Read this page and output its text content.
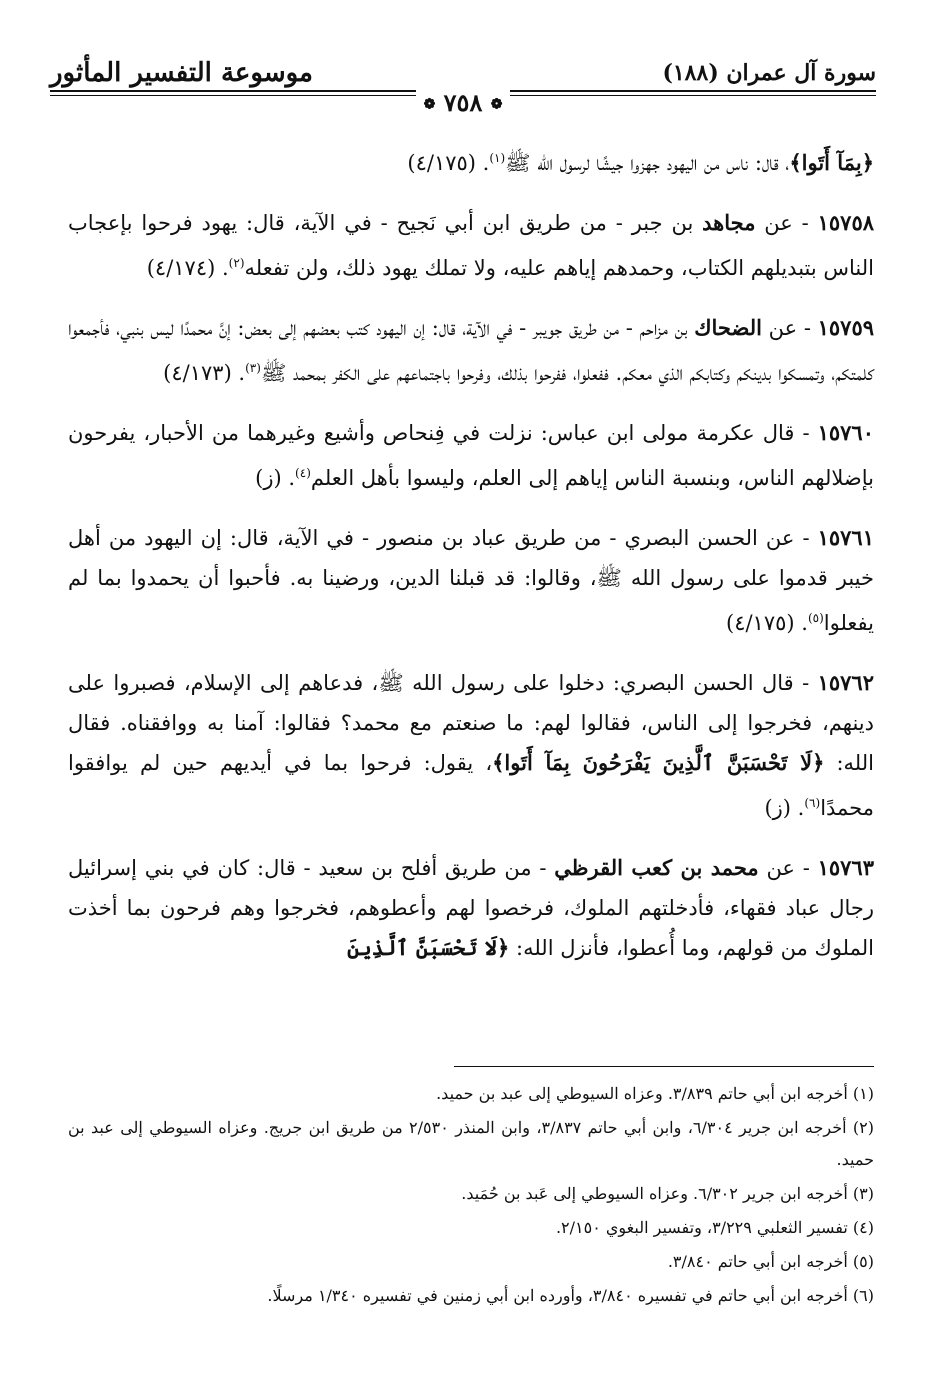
سورة آل عمران (١٨٨)
موسوعة التفسير المأثور
❁ ٧٥٨ ❁

﴿بِمَآ أَتَوا﴾، قال: ناس من اليهود جهزوا جيشًا لرسول الله ﷺ$^{(١)}$. (٤/١٧٥)

١٥٧٥٨ - عن مجاهد بن جبر - من طريق ابن أبي نَجيح - في الآية، قال: يهود فرحوا بإعجاب الناس بتبديلهم الكتاب، وحمدهم إياهم عليه، ولا تملك يهود ذلك، ولن تفعله$^{(٢)}$. (٤/١٧٤)

١٥٧٥٩ - عن الضحاك بن مزاحم - من طريق جويبر - في الآية، قال: إن اليهود كتب بعضهم إلى بعض: إنَّ محمدًا ليس بنبي، فأجمعوا كلمتكم، وتمسكوا بدينكم وكتابكم الذي معكم. ففعلوا، ففرحوا بذلك، وفرحوا باجتماعهم على الكفر بمحمد ﷺ$^{(٣)}$. (٤/١٧٣)

١٥٧٦٠ - قال عكرمة مولى ابن عباس: نزلت في فِنحاص وأشيع وغيرهما من الأحبار، يفرحون بإضلالهم الناس، وبنسبة الناس إياهم إلى العلم، وليسوا بأهل العلم$^{(٤)}$. (ز)

١٥٧٦١ - عن الحسن البصري - من طريق عباد بن منصور - في الآية، قال: إن اليهود من أهل خيبر قدموا على رسول الله ﷺ، وقالوا: قد قبلنا الدين، ورضينا به. فأحبوا أن يحمدوا بما لم يفعلوا$^{(٥)}$. (٤/١٧٥)

١٥٧٦٢ - قال الحسن البصري: دخلوا على رسول الله ﷺ، فدعاهم إلى الإسلام، فصبروا على دينهم، فخرجوا إلى الناس، فقالوا لهم: ما صنعتم مع محمد؟ فقالوا: آمنا به ووافقناه. فقال الله: ﴿لَا تَحْسَبَنَّ ٱلَّذِينَ يَفْرَحُونَ بِمَآ أَتَوا﴾، يقول: فرحوا بما في أيديهم حين لم يوافقوا محمدًا$^{(٦)}$. (ز)

١٥٧٦٣ - عن محمد بن كعب القرظي - من طريق أفلح بن سعيد - قال: كان في بني إسرائيل رجال عباد فقهاء، فأدخلتهم الملوك، فرخصوا لهم وأعطوهم، فخرجوا وهم فرحون بما أخذت الملوك من قولهم، وما أُعطوا، فأنزل الله: ﴿لَا تَحْسَبَنَّ ٱلَّذِينَ

(١) أخرجه ابن أبي حاتم ٣/٨٣٩. وعزاه السيوطي إلى عبد بن حميد.

(٢) أخرجه ابن جرير ٦/٣٠٤، وابن أبي حاتم ٣/٨٣٧، وابن المنذر ٢/٥٣٠ من طريق ابن جريج. وعزاه السيوطي إلى عبد بن حميد.

(٣) أخرجه ابن جرير ٦/٣٠٢. وعزاه السيوطي إلى عَبد بن حُمَيد.

(٤) تفسير الثعلبي ٣/٢٢٩، وتفسير البغوي ٢/١٥٠.

(٥) أخرجه ابن أبي حاتم ٣/٨٤٠.

(٦) أخرجه ابن أبي حاتم في تفسيره ٣/٨٤٠، وأورده ابن أبي زمنين في تفسيره ١/٣٤٠ مرسلًا.
